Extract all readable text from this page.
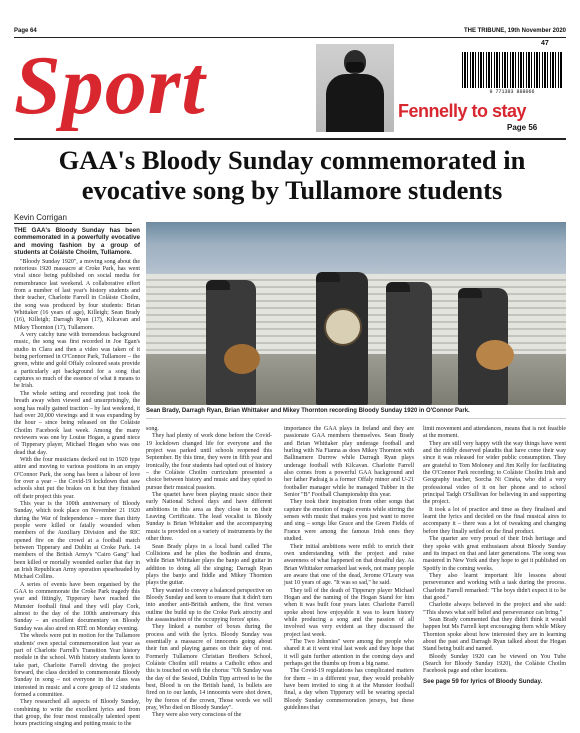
Page 64	THE TRIBUNE, 19th November 2020
Sport	47
9 771393 888066
Fennelly to stay
Page 56
GAA's Bloody Sunday commemorated in evocative song by Tullamore students
Kevin Corrigan

THE GAA's Bloody Sunday has been commemorated in a powerfully evocative and moving fashion by a group of students at Coláiste Choilm, Tullamore.

"Bloody Sunday 1920", a moving song about the notorious 1920 massacre at Croke Park, has went viral since being published on social media for remembrance last weekend. A collaborative effort from a number of last year's history students and their teacher, Charlotte Farrell in Coláiste Choilm, the song was produced by four students: Brian Whittaker (16 years of age), Killeigh; Sean Brady (16), Killeigh; Darragh Ryan (17), Kilcavan and Mikey Thornton (17), Tullamore.

A very catchy tune with tremendous background music, the song was first recorded in Joe Egan's studio in Clara and then a video was taken of it being performed in O'Connor Park, Tullamore – the green, white and gold Offaly coloured seats provide a particularly apt background for a song that captures so much of the essence of what it means to be Irish.

The whole setting and recording just took the breath away when viewed and unsurprisingly, the song has really gained traction – by last weekend, it had over 20,000 viewings and it was expanding by the hour – since being released on the Coláiste Choilm Facebook last week. Among the many reviewers was one by Louise Hogan, a grand niece of Tipperary player, Michael Hogan who was one dead that day.

With the four musicians decked out in 1920 type attire and moving to various positions in an empty O'Connor Park, the song has been a labour of love for over a year – the Covid-19 lockdown that saw schools shut put the brakes on it but they finished off their project this year.

This year is the 100th anniversary of Bloody Sunday, which took place on November 21 1920 during the War of Independence – more than thirty people were killed or fatally wounded when members of the Auxiliary Division and the RIC opened fire on the crowd at a football match between Tipperary and Dublin at Croke Park. 14 members of the British Army's "Cairo Gang" had been killed or mortally wounded earlier that day in an Irish Republican Army operation spearheaded by Michael Collins.

A series of events have been organised by the GAA to commemorate the Croke Park tragedy this year and fittingly, Tipperary have reached the Munster football final and they will play Cork, almost to the day of the 100th anniversary this Sunday – an excellent documentary on Bloody Sunday was also aired on RTÉ on Monday evening.

The wheels were put in motion for the Tullamore students' own special commemoration last year as part of Charlotte Farrell's Transition Year history module in the school. With history students keen to take part, Charlotte Farrell driving the project forward, the class decided to commemorate Bloody Sunday in song – not everyone in the class was interested in music and a core group of 12 students formed a committee.

They researched all aspects of Bloody Sunday, combining to write the excellent lyrics and from that group, the four most musically talented spent hours practicing singing and putting music to the

Sean Brady, Darragh Ryan, Brian Whittaker and Mikey Thornton recording Bloody Sunday 1920 in O'Connor Park.

song.

They had plenty of work done before the Covid-19 lockdown changed life for everyone and the project was parked until schools reopened this September. By this time, they were in fifth year and ironically, the four students had opted out of history – the Coláiste Choilm curriculum presented a choice between history and music and they opted to pursue their musical passion.

The quartet have been playing music since their early National School days and have different ambitions in this area as they close in on their Leaving Certificate. The lead vocalist is Bloody Sunday is Brian Whittaker and the accompanying music is provided on a variety of instruments by the other three.

Sean Brady plays in a local band called The Collisions and he plies the bodhrán and drums, while Brian Whittaker plays the banjo and guitar in addition to doing all the singing; Darragh Ryan plays the banjo and fiddle and Mikey Thornton plays the guitar.

They wanted to convey a balanced perspective on Bloody Sunday and keen to ensure that it didn't turn into another anti-British anthem, the first verses outline the build up to the Croke Park atrocity and the assassination of the occupying forces' spies.

They linked a number of boxes during the process and with the lyrics. Bloody Sunday was essentially a massacre of innocents going about their fun and playing games on their day of rest. Formerly Tullamore Christian Brothers School, Coláiste Choilm still retains a Catholic ethos and this is touched on with the chorus: "Oh Sunday was the day of the Sesiod, Dublin Tipp arrived to be the best, Blood is on the British hand, 1s bullets are fired on to our lands, 14 innocents were shot down, by the forces of the crown, Those words we will pray, Who died on Bloody Sunday".

They were also very conscious of the

importance the GAA plays in Ireland and they are passionate GAA members themselves. Sean Brady and Brian Whittaker play underage football and hurling with Na Fianna as does Mikey Thornton with Ballinamere Durrow while Darragh Ryan plays underage football with Kilcavan. Charlotte Farrell also comes from a powerful GAA background and her father Padraig is a former Offaly minor and U-21 footballer manager while he managed Tubber in the Senior "B" Football Championship this year.

They took their inspiration from other songs that capture the emotion of tragic events while stirring the senses with music that makes you just want to move and sing – songs like Grace and the Green Fields of France were among the famous Irish ones they studied.

Their initial ambitions were mild: to enrich their own understanding with the project and raise awareness of what happened on that dreadful day. As Brian Whittaker remarked last week, not many people are aware that one of the dead, Jerome O'Leary was just 10 years of age. "It was so sad," he said.

They tell of the death of Tipperary player Michael Hogan and the naming of the Hogan Stand for him when it was built four years later. Charlotte Farrell spoke about how enjoyable it was to learn history while producing a song and the passion of all involved was very evident as they discussed the project last week.

"The Two Johnnies" were among the people who shared it at it went viral last week and they hope that it will gain further attention in the coming days and perhaps get the thumbs up from a big name.

The Covid-19 regulations has complicated matters for them – in a different year, they would probably have been invited to sing it at the Munster football final, a day when Tipperary will be wearing special Bloody Sunday commemoration jerseys, but these guidelines that

limit movement and attendances, means that is not feasible at the moment.

They are still very happy with the way things have went and the riddly deserved plaudits that have come their way since it was released for wider public consumption. They are grateful to Tom Moloney and Jim Kelly for facilitating the O'Connor Park recording; to Coláiste Choilm Irish and Geography teacher, Sorcha Ni Cinéta, who did a very professional video of it on her phone and to school principal Tadgh O'Sullivan for believing in and supporting the project.

It took a lot of practice and time as they finalised and learnt the lyrics and decided on the final musical aires to accompany it – there was a lot of tweaking and changing before they finally settled on the final product.

The quarter are very proud of their Irish heritage and they spoke with great enthusiasm about Bloody Sunday and its impact on that and later generations. The song was mastered in New York and they hope to get it published on Spotify in the coming weeks.

They also learnt important life lessons about perseverance and working with a task during the process. Charlotte Farrell remarked: "The boys didn't expect it to be that good."

Charlotte always believed in the project and she said: "This shows what self belief and perseverance can bring."

Sean Brady commented that they didn't think it would happen but Ms Farrell kept encouraging them while Mikey Thornton spoke about how interested they are in learning about the past and Darragh Ryan talked about the Hogan Stand being built and named.

Bloody Sunday 1920 can be viewed on You Tube (Search for Bloody Sunday 1920), the Coláiste Choilm Facebook page and other locations.

See page 59 for lyrics of Bloody Sunday.
